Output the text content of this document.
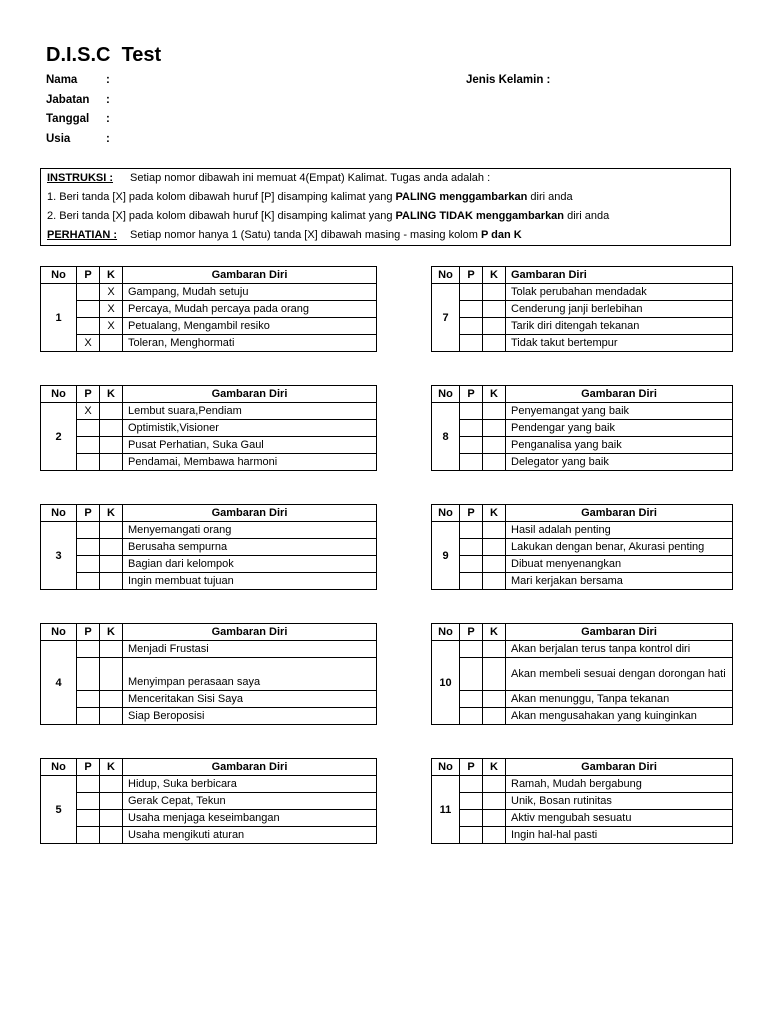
D.I.S.C  Test
Nama :
Jabatan :
Tanggal :
Usia	:
Jenis Kelamin :
INSTRUKSI : Setiap nomor dibawah ini memuat 4(Empat) Kalimat. Tugas anda adalah :
1. Beri tanda [X] pada kolom dibawah huruf [P] disamping kalimat yang PALING menggambarkan diri anda
2. Beri tanda [X] pada kolom dibawah huruf [K] disamping kalimat yang PALING TIDAK menggambarkan diri anda
PERHATIAN : Setiap nomor hanya 1 (Satu) tanda [X] dibawah masing - masing kolom P dan K
No	P	K	Gambaran Diri
1		X	Gampang, Mudah setuju
		X	Percaya, Mudah percaya pada orang
		X	Petualang, Mengambil resiko
	X		Toleran, Menghormati
No	P	K	Gambaran Diri
2	X		Lembut suara,Pendiam
			Optimistik,Visioner
			Pusat Perhatian, Suka Gaul
			Pendamai, Membawa harmoni
No	P	K	Gambaran Diri
3			Menyemangati orang
			Berusaha sempurna
			Bagian dari kelompok
			Ingin membuat tujuan
No	P	K	Gambaran Diri
4			Menjadi Frustasi
			Menyimpan perasaan saya
			Menceritakan Sisi Saya
			Siap Beroposisi
No	P	K	Gambaran Diri
5			Hidup, Suka berbicara
			Gerak Cepat, Tekun
			Usaha menjaga keseimbangan
			Usaha mengikuti aturan
No	P	K	Gambaran Diri
7			Tolak perubahan mendadak
			Cenderung janji berlebihan
			Tarik diri ditengah tekanan
			Tidak takut bertempur
No	P	K	Gambaran Diri
8			Penyemangat yang baik
			Pendengar yang baik
			Penganalisa yang baik
			Delegator yang baik
No	P	K	Gambaran Diri
9			Hasil adalah penting
			Lakukan dengan benar, Akurasi penting
			Dibuat menyenangkan
			Mari kerjakan bersama
No	P	K	Gambaran Diri
10			Akan berjalan terus tanpa kontrol diri
			Akan membeli sesuai dengan dorongan hati
			Akan menunggu, Tanpa tekanan
			Akan mengusahakan yang kuinginkan
No	P	K	Gambaran Diri
11			Ramah, Mudah bergabung
			Unik, Bosan rutinitas
			Aktiv mengubah sesuatu
			Ingin hal-hal pasti
